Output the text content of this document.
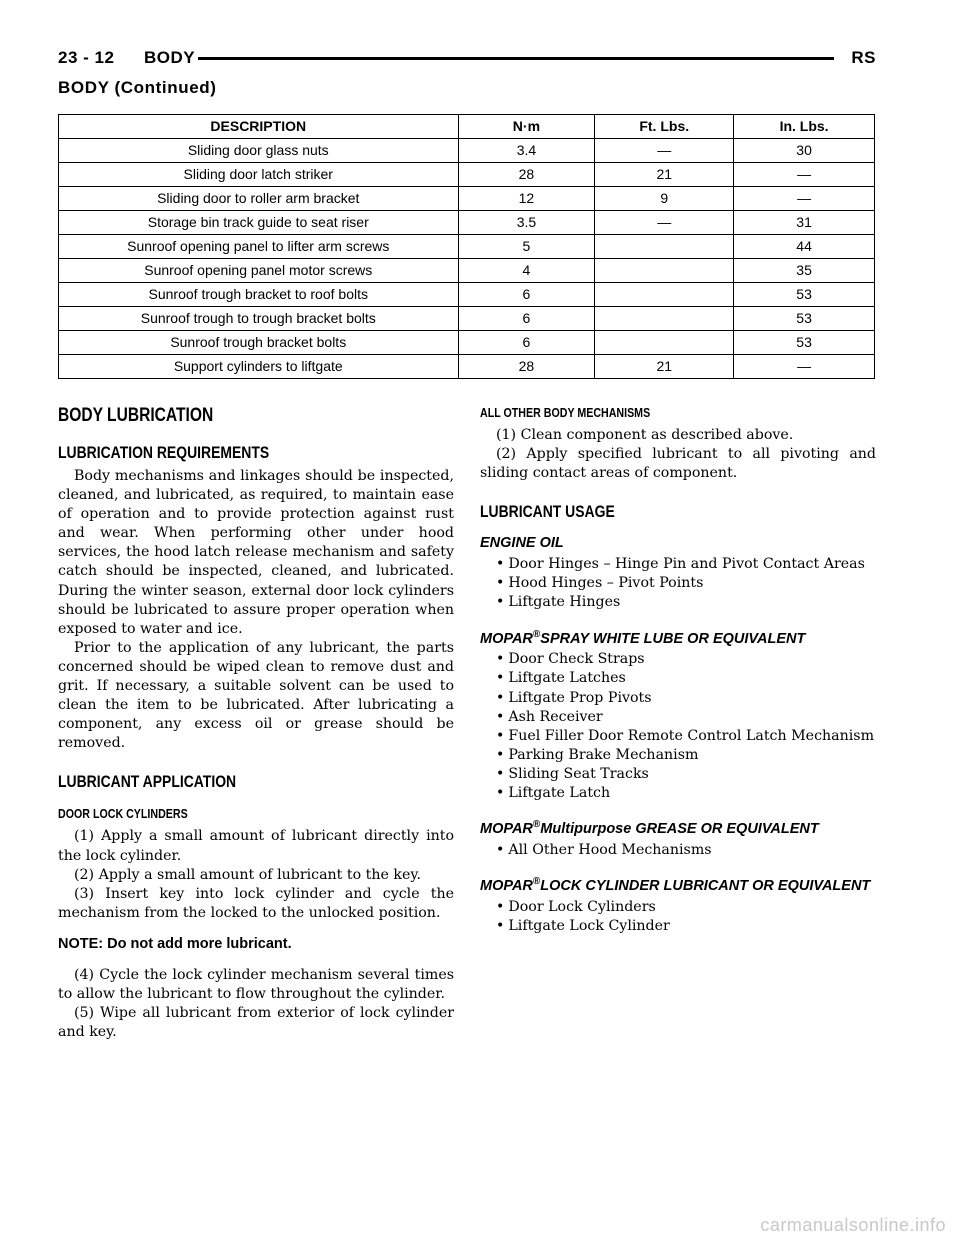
23 - 12 BODY	RS
BODY (Continued)
DESCRIPTION	N·m	Ft. Lbs.	In. Lbs.
Sliding door glass nuts	3.4	—	30
Sliding door latch striker	28	21	—
Sliding door to roller arm bracket	12	9	—
Storage bin track guide to seat riser	3.5	—	31
Sunroof opening panel to lifter arm screws	5		44
Sunroof opening panel motor screws	4		35
Sunroof trough bracket to roof bolts	6		53
Sunroof trough to trough bracket bolts	6		53
Sunroof trough bracket bolts	6		53
Support cylinders to liftgate	28	21	—
BODY LUBRICATION
LUBRICATION REQUIREMENTS

Body mechanisms and linkages should be inspected, cleaned, and lubricated, as required, to maintain ease of operation and to provide protection against rust and wear. When performing other under hood services, the hood latch release mechanism and safety catch should be inspected, cleaned, and lubricated. During the winter season, external door lock cylinders should be lubricated to assure proper operation when exposed to water and ice.

Prior to the application of any lubricant, the parts concerned should be wiped clean to remove dust and grit. If necessary, a suitable solvent can be used to clean the item to be lubricated. After lubricating a component, any excess oil or grease should be removed.

LUBRICANT APPLICATION
DOOR LOCK CYLINDERS

(1) Apply a small amount of lubricant directly into the lock cylinder.

(2) Apply a small amount of lubricant to the key.

(3) Insert key into lock cylinder and cycle the mechanism from the locked to the unlocked position.

NOTE: Do not add more lubricant.

(4) Cycle the lock cylinder mechanism several times to allow the lubricant to flow throughout the cylinder.

(5) Wipe all lubricant from exterior of lock cylinder and key.

ALL OTHER BODY MECHANISMS

(1) Clean component as described above.

(2) Apply specified lubricant to all pivoting and sliding contact areas of component.

LUBRICANT USAGE
ENGINE OIL
• Door Hinges – Hinge Pin and Pivot Contact Areas
• Hood Hinges – Pivot Points
• Liftgate Hinges
MOPAR®SPRAY WHITE LUBE OR EQUIVALENT
• Door Check Straps
• Liftgate Latches
• Liftgate Prop Pivots
• Ash Receiver
• Fuel Filler Door Remote Control Latch Mechanism
• Parking Brake Mechanism
• Sliding Seat Tracks
• Liftgate Latch
MOPAR®Multipurpose GREASE OR EQUIVALENT
• All Other Hood Mechanisms
MOPAR®LOCK CYLINDER LUBRICANT OR EQUIVALENT
• Door Lock Cylinders
• Liftgate Lock Cylinder
carmanualsonline.info
